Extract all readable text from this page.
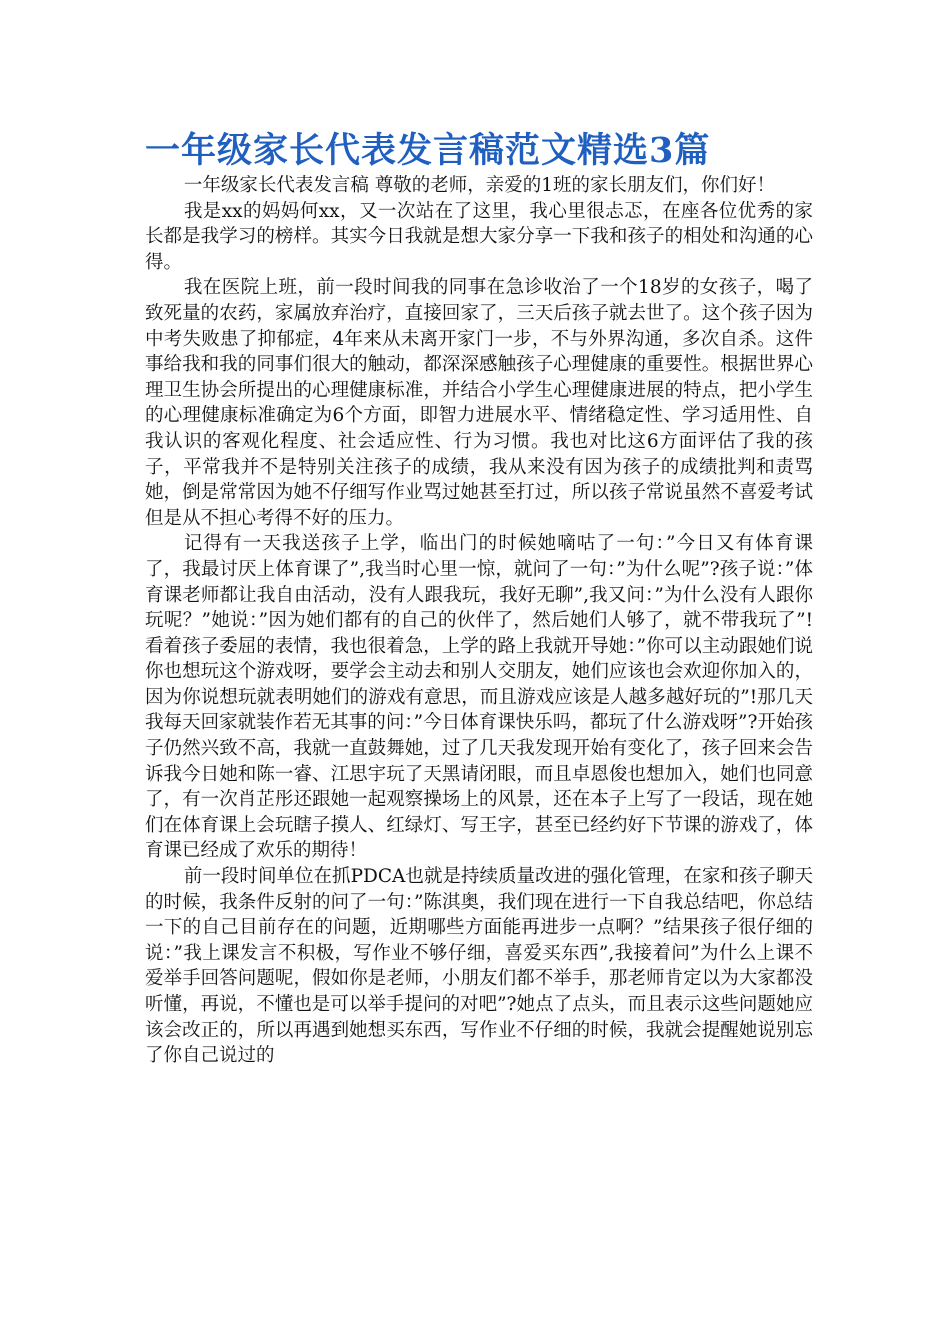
一年级家长代表发言稿范文精选3篇

一年级家长代表发言稿 尊敬的老师，亲爱的1班的家长朋友们，你们好！

我是xx的妈妈何xx，又一次站在了这里，我心里很忐忑，在座各位优秀的家长都是我学习的榜样。其实今日我就是想大家分享一下我和孩子的相处和沟通的心得。

我在医院上班，前一段时间我的同事在急诊收治了一个18岁的女孩子，喝了致死量的农药，家属放弃治疗，直接回家了，三天后孩子就去世了。这个孩子因为中考失败患了抑郁症，4年来从未离开家门一步，不与外界沟通，多次自杀。这件事给我和我的同事们很大的触动，都深深感触孩子心理健康的重要性。根据世界心理卫生协会所提出的心理健康标准，并结合小学生心理健康进展的特点，把小学生的心理健康标准确定为6个方面，即智力进展水平、情绪稳定性、学习适用性、自我认识的客观化程度、社会适应性、行为习惯。我也对比这6方面评估了我的孩子，平常我并不是特别关注孩子的成绩，我从来没有因为孩子的成绩批判和责骂她，倒是常常因为她不仔细写作业骂过她甚至打过，所以孩子常说虽然不喜爱考试但是从不担心考得不好的压力。

记得有一天我送孩子上学，临出门的时候她嘀咕了一句：”今日又有体育课了，我最讨厌上体育课了”,我当时心里一惊，就问了一句：”为什么呢”?孩子说：”体育课老师都让我自由活动，没有人跟我玩，我好无聊”,我又问：”为什么没有人跟你玩呢？”她说：”因为她们都有的自己的伙伴了，然后她们人够了，就不带我玩了”!看着孩子委屈的表情，我也很着急，上学的路上我就开导她：”你可以主动跟她们说你也想玩这个游戏呀，要学会主动去和别人交朋友，她们应该也会欢迎你加入的，因为你说想玩就表明她们的游戏有意思，而且游戏应该是人越多越好玩的”!那几天我每天回家就装作若无其事的问：”今日体育课快乐吗，都玩了什么游戏呀”?开始孩子仍然兴致不高，我就一直鼓舞她，过了几天我发现开始有变化了，孩子回来会告诉我今日她和陈一睿、江思宇玩了天黑请闭眼，而且卓恩俊也想加入，她们也同意了，有一次肖芷彤还跟她一起观察操场上的风景，还在本子上写了一段话，现在她们在体育课上会玩瞎子摸人、红绿灯、写王字，甚至已经约好下节课的游戏了，体育课已经成了欢乐的期待！

前一段时间单位在抓PDCA也就是持续质量改进的强化管理，在家和孩子聊天的时候，我条件反射的问了一句：”陈淇奥，我们现在进行一下自我总结吧，你总结一下的自己目前存在的问题，近期哪些方面能再进步一点啊？”结果孩子很仔细的说：”我上课发言不积极，写作业不够仔细，喜爱买东西”,我接着问”为什么上课不爱举手回答问题呢，假如你是老师，小朋友们都不举手，那老师肯定以为大家都没听懂，再说，不懂也是可以举手提问的对吧”?她点了点头，而且表示这些问题她应该会改正的，所以再遇到她想买东西，写作业不仔细的时候，我就会提醒她说别忘了你自己说过的
